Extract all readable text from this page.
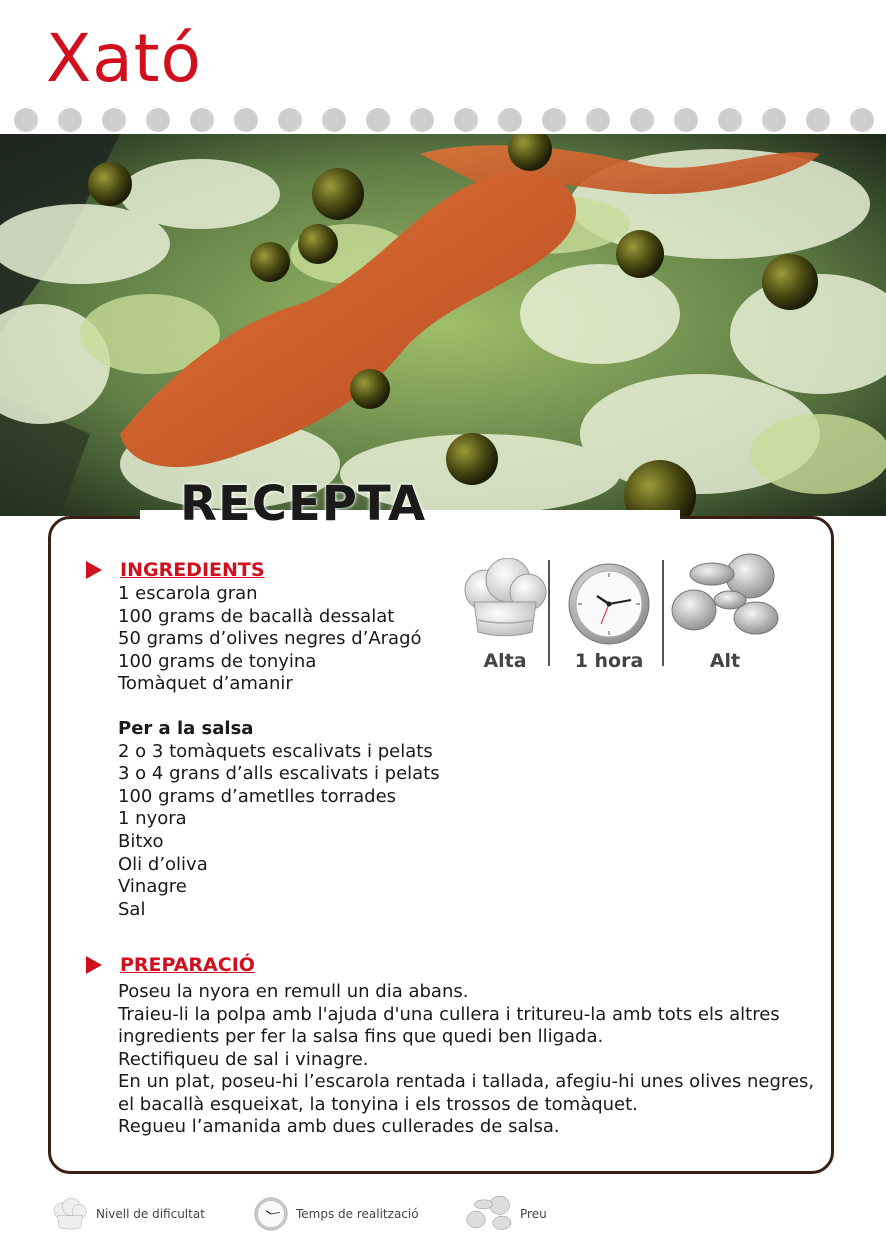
Xató
RECEPTA
INGREDIENTS
1 escarola gran
100 grams de bacallà dessalat
50 grams d’olives negres d’Aragó
100 grams de tonyina
Tomàquet d’amanir
Per a la salsa
2 o 3 tomàquets escalivats i pelats
3 o 4 grans d’alls escalivats i pelats
100 grams d’ametlles torrades
1 nyora
Bitxo
Oli d’oliva
Vinagre
Sal
Alta	1 hora	Alt
PREPARACIÓ

Poseu la nyora en remull un dia abans.

Traieu-li la polpa amb l'ajuda d'una cullera i tritureu-la amb tots els altres ingredients per fer la salsa fins que quedi ben lligada.

Rectifiqueu de sal i vinagre.

En un plat, poseu-hi l’escarola rentada i tallada, afegiu-hi unes olives negres, el bacallà esqueixat, la tonyina i els trossos de tomàquet.

Regueu l’amanida amb dues cullerades de salsa.

Nivell de dificultat	Temps de realització	Preu
